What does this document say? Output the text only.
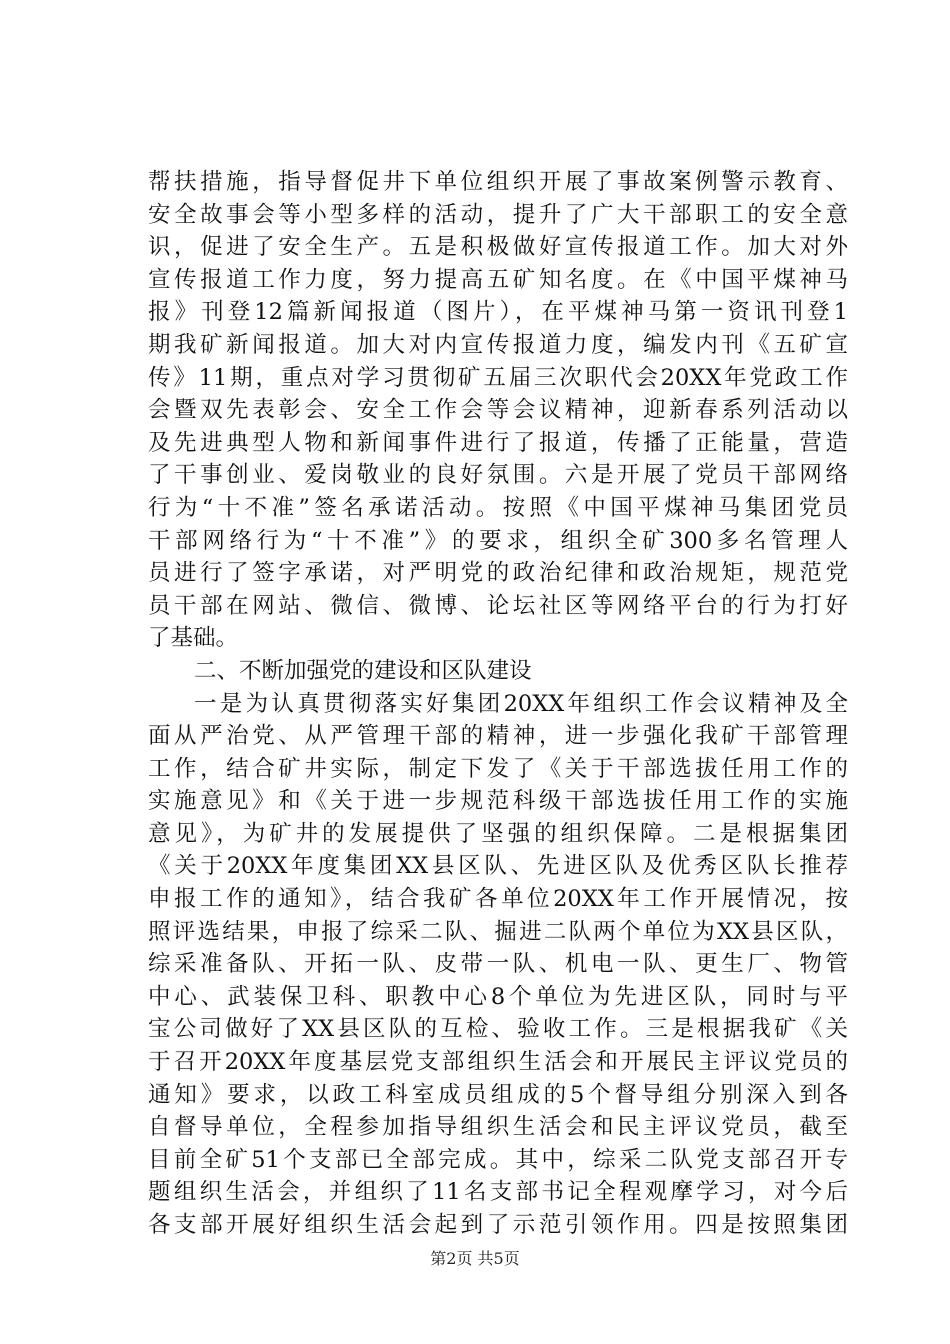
帮扶措施，指导督促井下单位组织开展了事故案例警示教育、
安全故事会等小型多样的活动，提升了广大干部职工的安全意
识，促进了安全生产。五是积极做好宣传报道工作。加大对外
宣传报道工作力度，努力提高五矿知名度。在《中国平煤神马
报》刊登12篇新闻报道（图片），在平煤神马第一资讯刊登1
期我矿新闻报道。加大对内宣传报道力度，编发内刊《五矿宣
传》11期，重点对学习贯彻矿五届三次职代会20XX年党政工作
会暨双先表彰会、安全工作会等会议精神，迎新春系列活动以
及先进典型人物和新闻事件进行了报道，传播了正能量，营造
了干事创业、爱岗敬业的良好氛围。六是开展了党员干部网络
行为“十不准”签名承诺活动。按照《中国平煤神马集团党员
干部网络行为“十不准”》的要求，组织全矿300多名管理人
员进行了签字承诺，对严明党的政治纪律和政治规矩，规范党
员干部在网站、微信、微博、论坛社区等网络平台的行为打好
了基础。
二、不断加强党的建设和区队建设
一是为认真贯彻落实好集团20XX年组织工作会议精神及全
面从严治党、从严管理干部的精神，进一步强化我矿干部管理
工作，结合矿井实际，制定下发了《关于干部选拔任用工作的
实施意见》和《关于进一步规范科级干部选拔任用工作的实施
意见》，为矿井的发展提供了坚强的组织保障。二是根据集团
《关于20XX年度集团XX县区队、先进区队及优秀区队长推荐
申报工作的通知》，结合我矿各单位20XX年工作开展情况，按
照评选结果，申报了综采二队、掘进二队两个单位为XX县区队，
综采准备队、开拓一队、皮带一队、机电一队、更生厂、物管
中心、武装保卫科、职教中心8个单位为先进区队，同时与平
宝公司做好了XX县区队的互检、验收工作。三是根据我矿《关
于召开20XX年度基层党支部组织生活会和开展民主评议党员的
通知》要求，以政工科室成员组成的5个督导组分别深入到各
自督导单位，全程参加指导组织生活会和民主评议党员，截至
目前全矿51个支部已全部完成。其中，综采二队党支部召开专
题组织生活会，并组织了11名支部书记全程观摩学习，对今后
各支部开展好组织生活会起到了示范引领作用。四是按照集团
第2页 共5页
